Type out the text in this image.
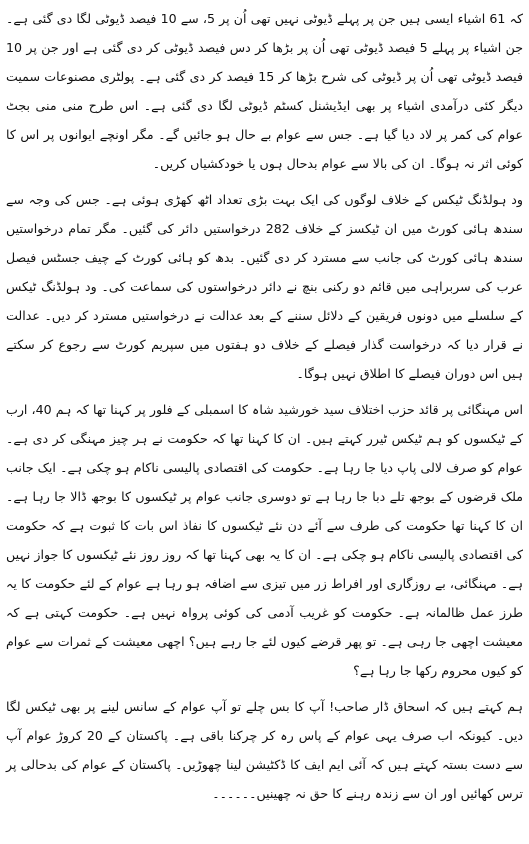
کہ 61 اشیاء ایسی ہیں جن پر پہلے ڈیوٹی نہیں تھی اُن پر 5، سے 10 فیصد ڈیوٹی لگا دی گئی ہے۔ جن اشیاء پر پہلے 5 فیصد ڈیوٹی تھی اُن پر بڑھا کر دس فیصد ڈیوٹی کر دی گئی ہے اور جن پر 10 فیصد ڈیوٹی تھی اُن پر ڈیوٹی کی شرح بڑھا کر 15 فیصد کر دی گئی ہے۔ پولٹری مصنوعات سمیت دیگر کئی درآمدی اشیاء پر بھی ایڈیشنل کسٹم ڈیوٹی لگا دی گئی ہے۔ اس طرح منی منی بجٹ عوام کی کمر پر لاد دیا گیا ہے۔ جس سے عوام بے حال ہو جائیں گے۔ مگر اونچے ایوانوں پر اس کا کوئی اثر نہ ہوگا۔ ان کی بالا سے عوام بدحال ہوں یا خودکشیاں کریں۔

ود ہولڈنگ ٹیکس کے خلاف لوگوں کی ایک بہت بڑی تعداد اٹھ کھڑی ہوئی ہے۔ جس کی وجہ سے سندھ ہائی کورٹ میں ان ٹیکسز کے خلاف 282 درخواستیں دائر کی گئیں۔ مگر تمام درخواستیں سندھ ہائی کورٹ کی جانب سے مسترد کر دی گئیں۔ بدھ کو ہائی کورٹ کے چیف جسٹس فیصل عرب کی سربراہی میں قائم دو رکنی بنچ نے دائر درخواستوں کی سماعت کی۔ ود ہولڈنگ ٹیکس کے سلسلے میں دونوں فریقین کے دلائل سننے کے بعد عدالت نے درخواستیں مسترد کر دیں۔ عدالت نے قرار دیا کہ درخواست گذار فیصلے کے خلاف دو ہفتوں میں سپریم کورٹ سے رجوع کر سکتے ہیں اس دوران فیصلے کا اطلاق نہیں ہوگا۔

اس مہنگائی پر قائد حزب اختلاف سید خورشید شاہ کا اسمبلی کے فلور پر کہنا تھا کہ ہم 40، ارب کے ٹیکسوں کو ہم ٹیکس ٹیرر کہتے ہیں۔ ان کا کہنا تھا کہ حکومت نے ہر چیز مہنگی کر دی ہے۔ عوام کو صرف لالی پاپ دیا جا رہا ہے۔ حکومت کی اقتصادی پالیسی ناکام ہو چکی ہے۔ ایک جانب ملک قرضوں کے بوجھ تلے دبا جا رہا ہے تو دوسری جانب عوام پر ٹیکسوں کا بوجھ ڈالا جا رہا ہے۔ ان کا کہنا تھا حکومت کی طرف سے آئے دن نئے ٹیکسوں کا نفاذ اس بات کا ثبوت ہے کہ حکومت کی اقتصادی پالیسی ناکام ہو چکی ہے۔ ان کا یہ بھی کہنا تھا کہ روز روز نئے ٹیکسوں کا جواز نہیں ہے۔ مہنگائی، بے روزگاری اور افراط زر میں تیزی سے اضافہ ہو رہا ہے عوام کے لئے حکومت کا یہ طرز عمل ظالمانہ ہے۔ حکومت کو غریب آدمی کی کوئی پرواہ نہیں ہے۔ حکومت کہتی ہے کہ معیشت اچھی جا رہی ہے۔ تو پھر قرضے کیوں لئے جا رہے ہیں؟ اچھی معیشت کے ثمرات سے عوام کو کیوں محروم رکھا جا رہا ہے؟

ہم کہتے ہیں کہ اسحاق ڈار صاحب! آپ کا بس چلے تو آپ عوام کے سانس لینے پر بھی ٹیکس لگا دیں۔ کیونکہ اب صرف یہی عوام کے پاس رہ کر چرکنا باقی ہے۔ پاکستان کے 20 کروڑ عوام آپ سے دست بستہ کہتے ہیں کہ آئی ایم ایف کا ڈکٹیشن لینا چھوڑیں۔ پاکستان کے عوام کی بدحالی پر ترس کھائیں اور ان سے زندہ رہنے کا حق نہ چھینیں۔۔۔۔۔۔
